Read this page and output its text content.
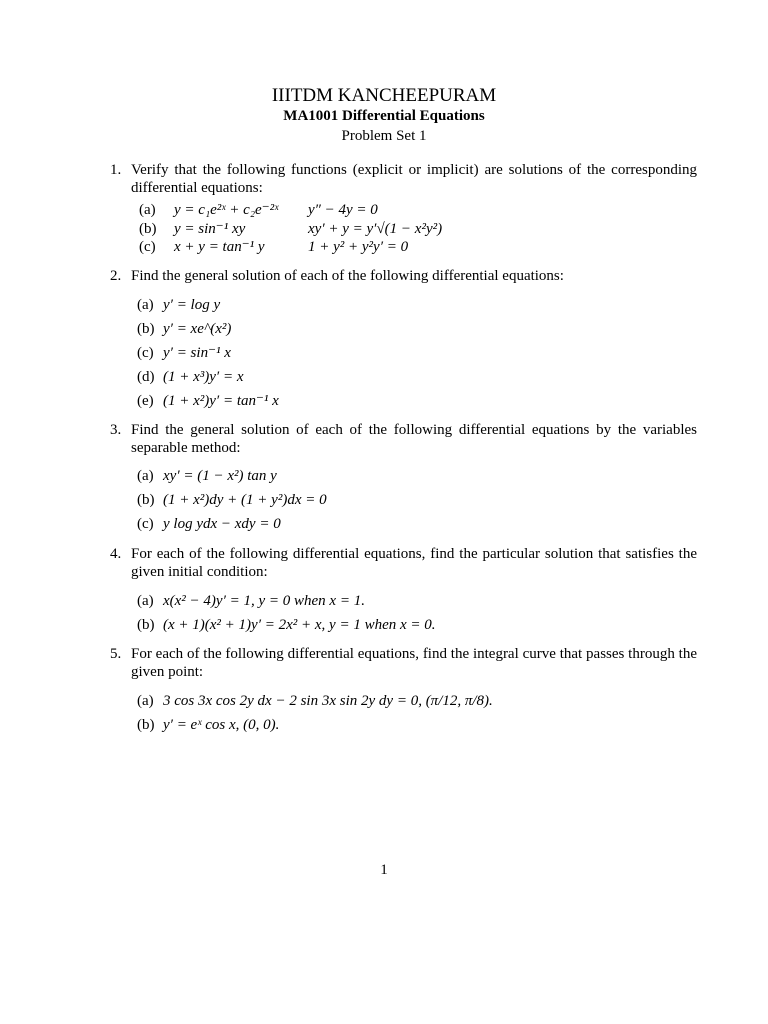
IIITDM KANCHEEPURAM
MA1001 Differential Equations
Problem Set 1
1. Verify that the following functions (explicit or implicit) are solutions of the corresponding differential equations:
(a) y = c₁e²ˣ + c₂e⁻²ˣ y″ − 4y = 0
(b) y = sin⁻¹ xy	xy′ + y = y′√(1 − x²y²)
(c) x + y = tan⁻¹ y	1 + y² + y²y′ = 0
2. Find the general solution of each of the following differential equations:
(a) y′ = log y
(b) y′ = xe^(x²)
(c) y′ = sin⁻¹ x
(d) (1 + x³)y′ = x
(e) (1 + x²)y′ = tan⁻¹ x
3. Find the general solution of each of the following differential equations by the variables separable method:
(a) xy′ = (1 − x²) tan y
(b) (1 + x²)dy + (1 + y²)dx = 0
(c) y log ydx − xdy = 0
4. For each of the following differential equations, find the particular solution that satisfies the given initial condition:
(a) x(x² − 4)y′ = 1, y = 0 when x = 1.
(b) (x + 1)(x² + 1)y′ = 2x² + x, y = 1 when x = 0.
5. For each of the following differential equations, find the integral curve that passes through the given point:
(a) 3 cos 3x cos 2y dx − 2 sin 3x sin 2y dy = 0, (π/12, π/8).
(b) y′ = eˣ cos x, (0, 0).
1
